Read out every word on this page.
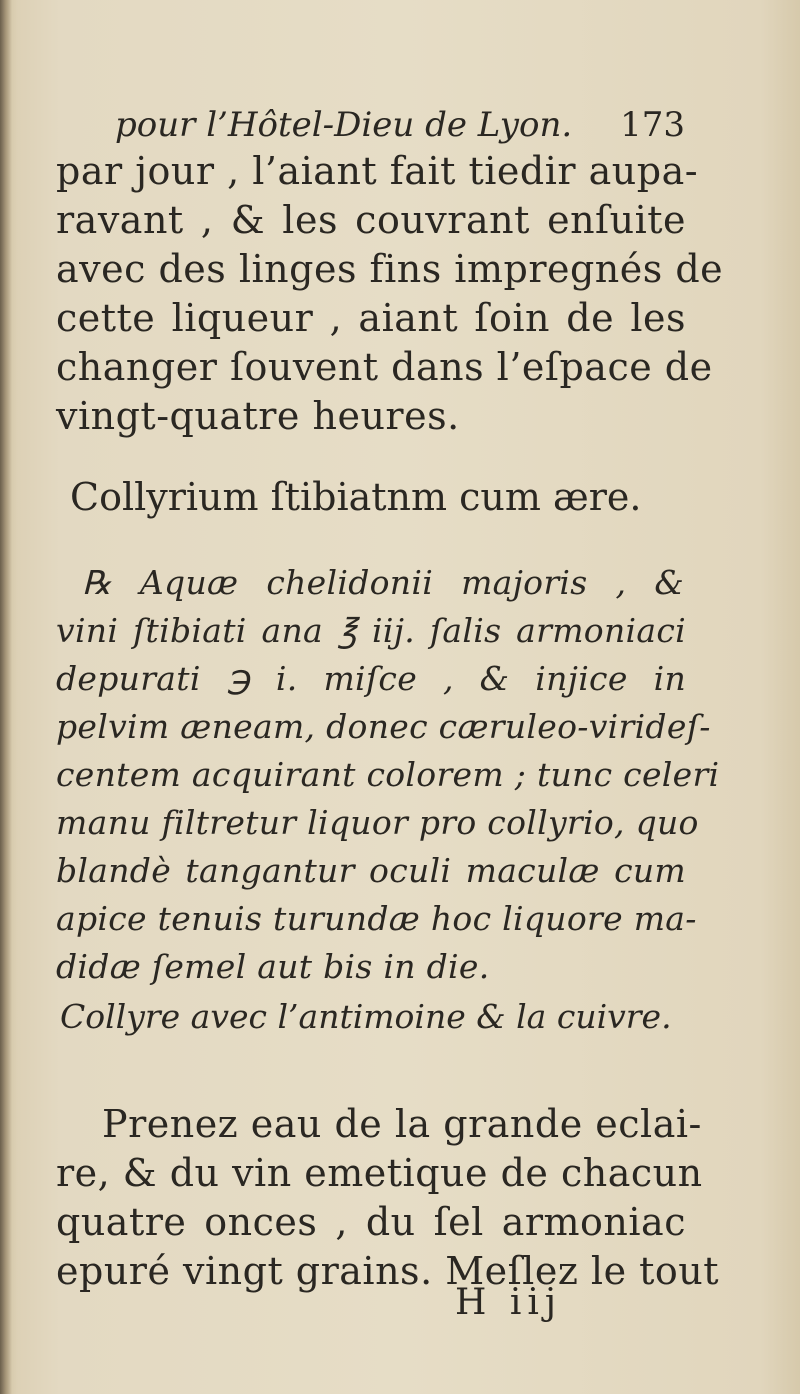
pour l’Hôtel-Dieu de Lyon. 173
par jour , l’aiant fait tiedir aupa-
ravant , & les couvrant enſuite
avec des linges fins impregnés de
cette liqueur , aiant ſoin de les
changer ſouvent dans l’eſpace de
vingt-quatre heures.
Collyrium ſtibiatnm cum ære.
℞ Aquæ chelidonii majoris , &
vini ſtibiati ana ℥ iij. ſalis armoniaci
depurati ℈ i. miſce , & injice in
pelvim æneam, donec cæruleo-virideſ-
centem acquirant colorem ; tunc celeri
manu filtretur liquor pro collyrio, quo
blandè tangantur oculi maculæ cum
apice tenuis turundæ hoc liquore ma-
didæ ſemel aut bis in die.
Collyre avec l’antimoine & la cuivre.
Prenez eau de la grande eclai-
re, & du vin emetique de chacun
quatre onces , du ſel armoniac
epuré vingt grains. Meſlez le tout
H iij
